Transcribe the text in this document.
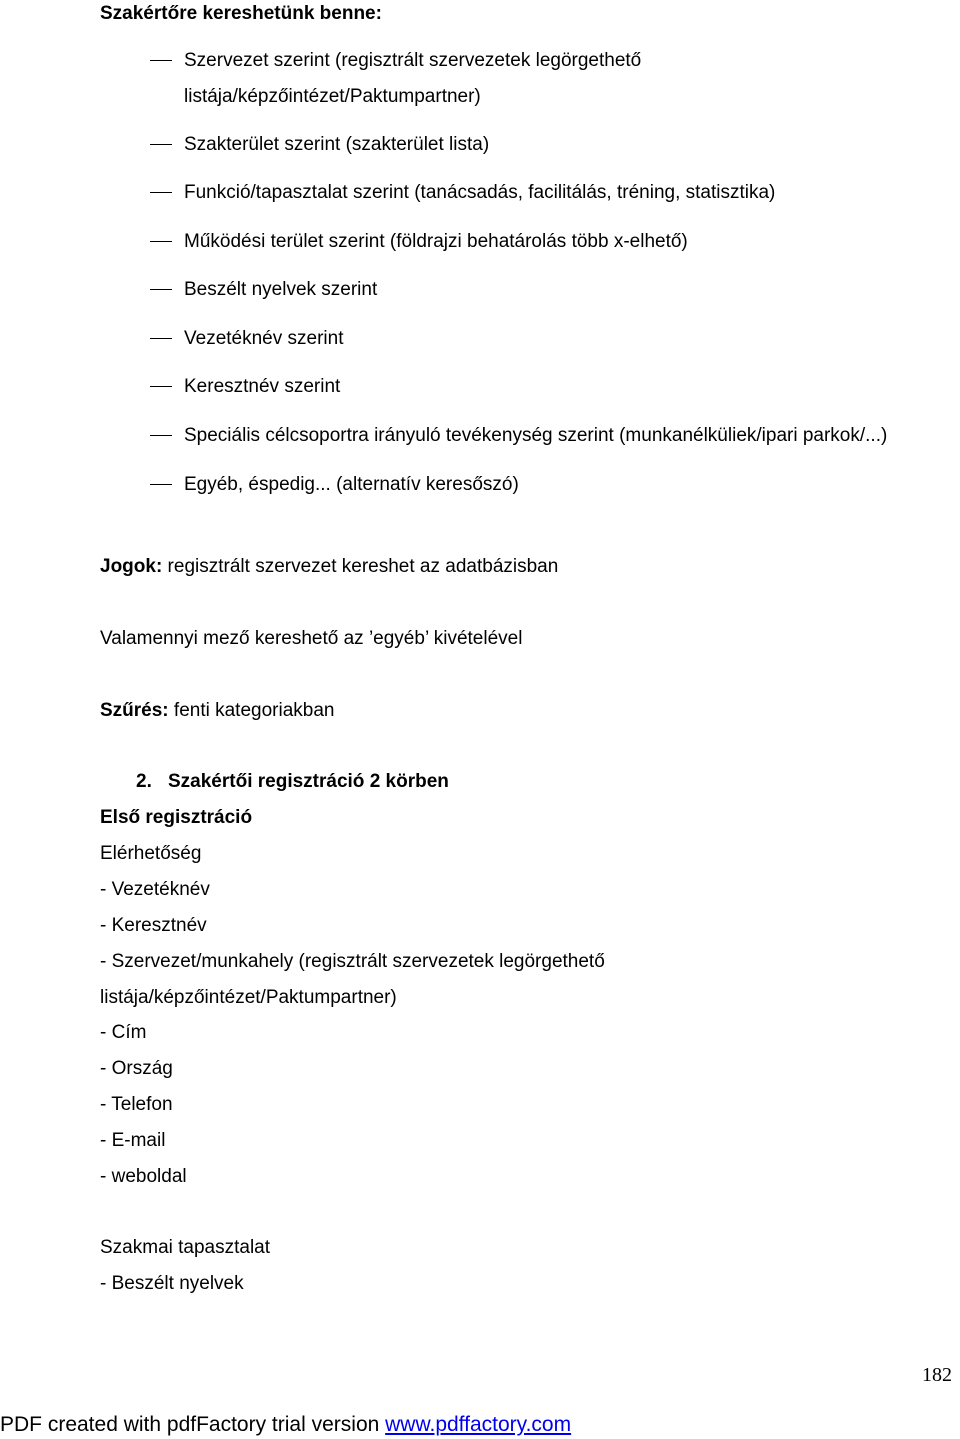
Szakértőre kereshetünk benne:
Szervezet szerint (regisztrált szervezetek legörgethető
listája/képzőintézet/Paktumpartner)
Szakterület szerint (szakterület lista)
Funkció/tapasztalat szerint (tanácsadás, facilitálás, tréning, statisztika)
Működési terület szerint (földrajzi behatárolás több x-elhető)
Beszélt nyelvek szerint
Vezetéknév szerint
Keresztnév szerint
Speciális célcsoportra irányuló tevékenység szerint (munkanélküliek/ipari parkok/...)
Egyéb, éspedig... (alternatív keresőszó)
Jogok: regisztrált szervezet kereshet az adatbázisban
Valamennyi mező kereshető az ’egyéb’ kivételével
Szűrés: fenti kategoriakban
2. Szakértői regisztráció 2 körben
Első regisztráció
Elérhetőség
- Vezetéknév
- Keresztnév
- Szervezet/munkahely (regisztrált szervezetek legörgethető
listája/képzőintézet/Paktumpartner)
- Cím
- Ország
- Telefon
- E-mail
- weboldal
Szakmai tapasztalat
- Beszélt nyelvek
182
PDF created with pdfFactory trial version www.pdffactory.com
